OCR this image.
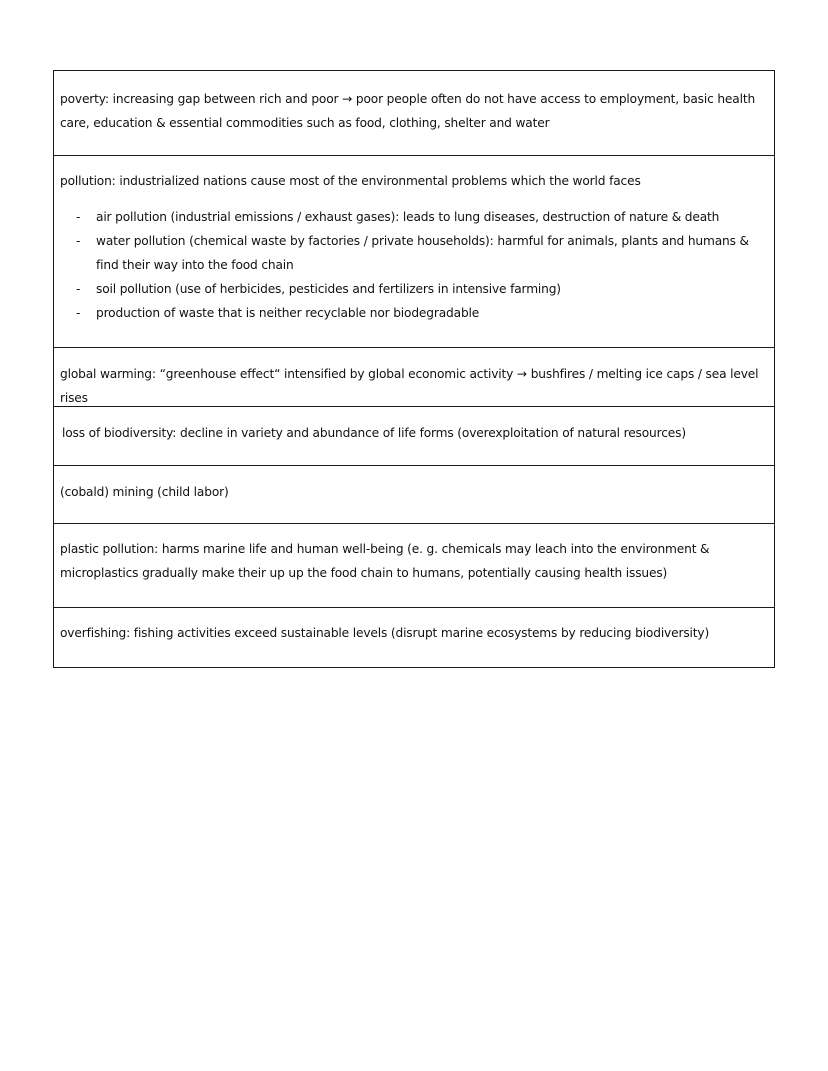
poverty: increasing gap between rich and poor → poor people often do not have access to employment, basic health care, education & essential commodities such as food, clothing, shelter and water
pollution: industrialized nations cause most of the environmental problems which the world faces
- air pollution (industrial emissions / exhaust gases): leads to lung diseases, destruction of nature & death
- water pollution (chemical waste by factories / private households): harmful for animals, plants and humans & find their way into the food chain
- soil pollution (use of herbicides, pesticides and fertilizers in intensive farming)
- production of waste that is neither recyclable nor biodegradable
global warming: “greenhouse effect“ intensified by global economic activity → bushfires / melting ice caps / sea level rises
loss of biodiversity: decline in variety and abundance of life forms (overexploitation of natural resources)
(cobald) mining (child labor)
plastic pollution: harms marine life and human well-being (e. g. chemicals may leach into the environment & microplastics gradually make their up up the food chain to humans, potentially causing health issues)
overfishing: fishing activities exceed sustainable levels (disrupt marine ecosystems by reducing biodiversity)
